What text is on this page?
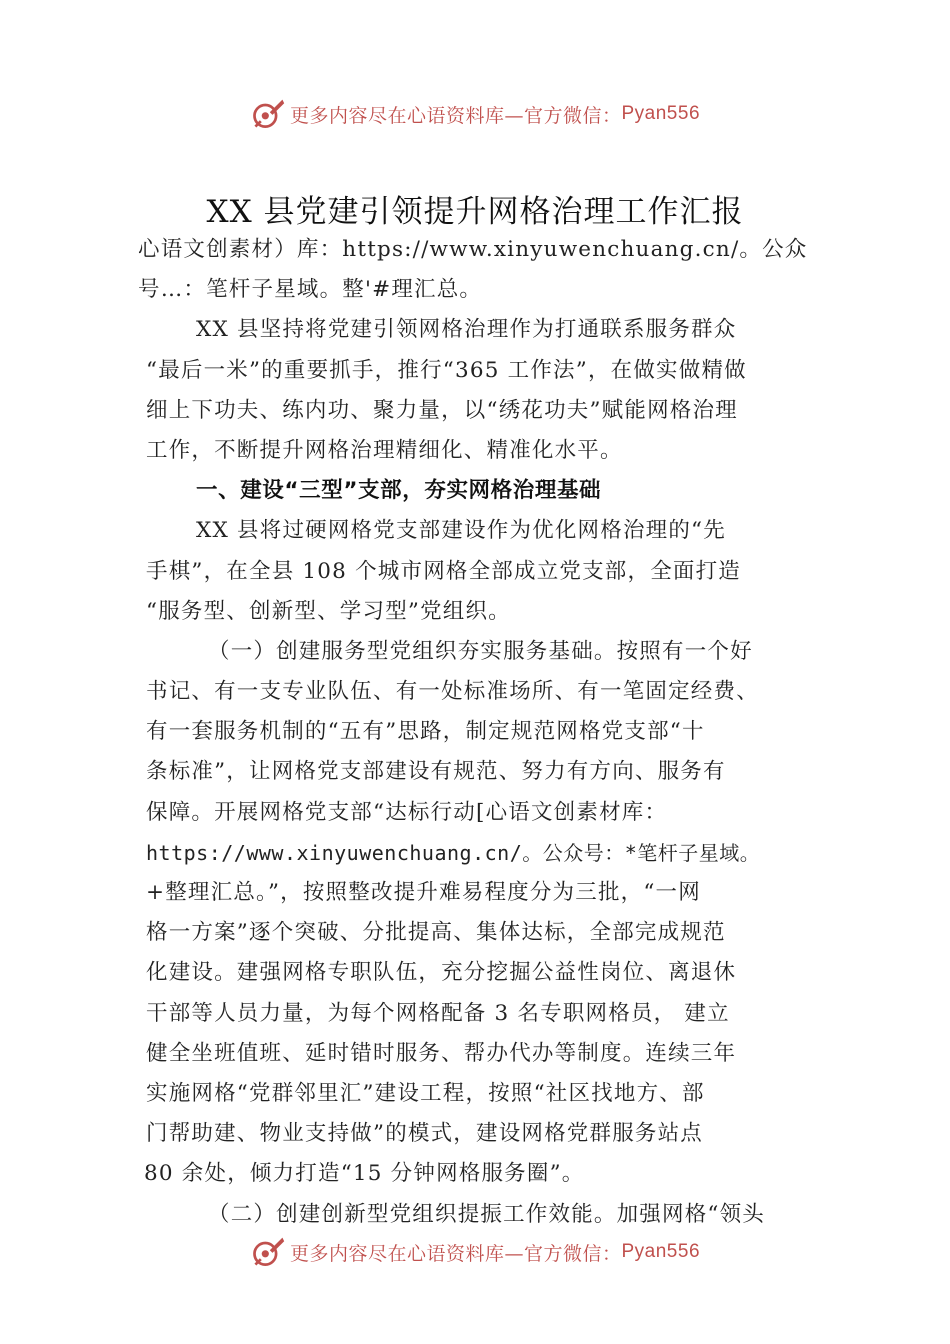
更多内容尽在心语资料库—官方微信： Pyan556
XX 县党建引领提升网格治理工作汇报
心语文创素材）库：https://www.xinyuwenchuang.cn/。公众
号…：笔杆子星域。整'#理汇总。
XX 县坚持将党建引领网格治理作为打通联系服务群众
“最后一米”的重要抓手，推行“365 工作法”，在做实做精做
细上下功夫、练内功、聚力量，以“绣花功夫”赋能网格治理
工作，不断提升网格治理精细化、精准化水平。
一、建设“三型”支部，夯实网格治理基础
XX 县将过硬网格党支部建设作为优化网格治理的“先
手棋”，在全县 108 个城市网格全部成立党支部，全面打造
“服务型、创新型、学习型”党组织。
（一）创建服务型党组织夯实服务基础。按照有一个好
书记、有一支专业队伍、有一处标准场所、有一笔固定经费、
有一套服务机制的“五有”思路，制定规范网格党支部“十
条标准”，让网格党支部建设有规范、努力有方向、服务有
保障。开展网格党支部“达标行动[心语文创素材库：
https://www.xinyuwenchuang.cn/。公众号：*笔杆子星域。
+整理汇总。”，按照整改提升难易程度分为三批，“一网
格一方案”逐个突破、分批提高、集体达标，全部完成规范
化建设。建强网格专职队伍，充分挖掘公益性岗位、离退休
干部等人员力量，为每个网格配备 3 名专职网格员， 建立
健全坐班值班、延时错时服务、帮办代办等制度。连续三年
实施网格“党群邻里汇”建设工程，按照“社区找地方、部
门帮助建、物业支持做”的模式，建设网格党群服务站点
80 余处，倾力打造“15 分钟网格服务圈”。
（二）创建创新型党组织提振工作效能。加强网格“领头
更多内容尽在心语资料库—官方微信： Pyan556
